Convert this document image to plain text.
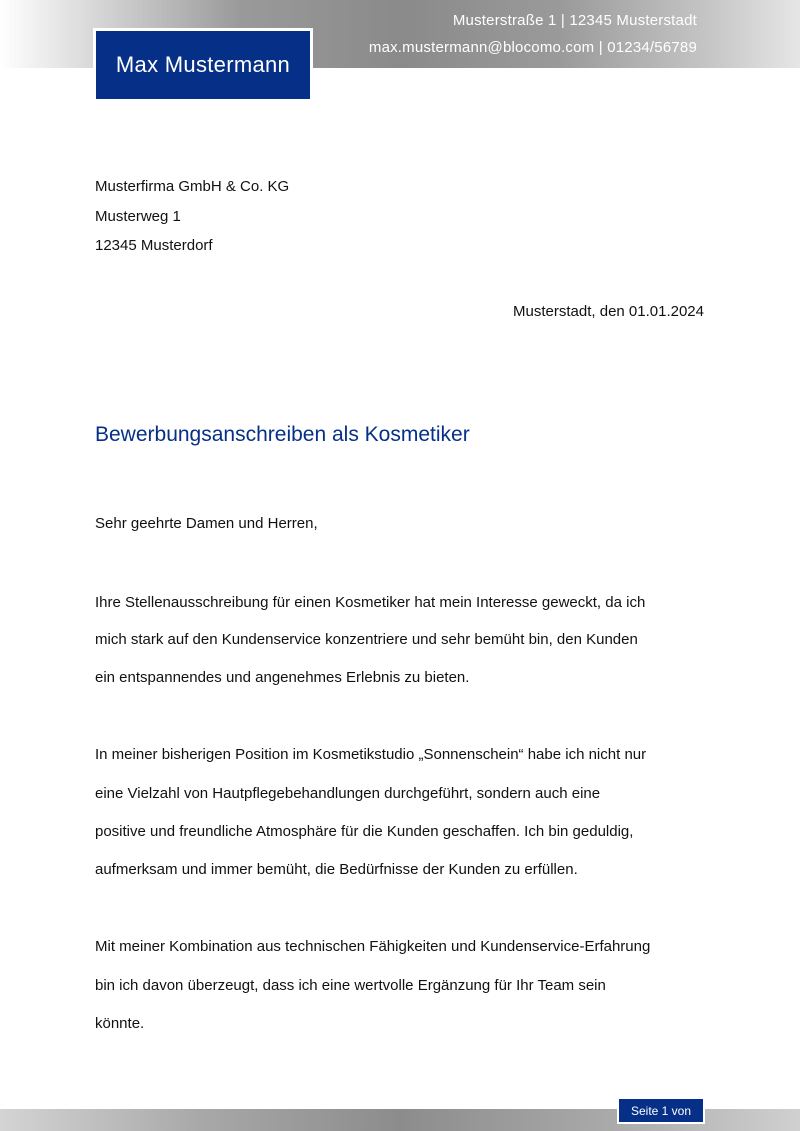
Musterstraße 1 | 12345 Musterstadt
max.mustermann@blocomo.com | 01234/56789
Max Mustermann
Musterfirma GmbH & Co. KG
Musterweg 1
12345 Musterdorf
Musterstadt, den 01.01.2024
Bewerbungsanschreiben als Kosmetiker
Sehr geehrte Damen und Herren,
Ihre Stellenausschreibung für einen Kosmetiker hat mein Interesse geweckt, da ich
mich stark auf den Kundenservice konzentriere und sehr bemüht bin, den Kunden
ein entspannendes und angenehmes Erlebnis zu bieten.
In meiner bisherigen Position im Kosmetikstudio „Sonnenschein“ habe ich nicht nur
eine Vielzahl von Hautpflegebehandlungen durchgeführt, sondern auch eine
positive und freundliche Atmosphäre für die Kunden geschaffen. Ich bin geduldig,
aufmerksam und immer bemüht, die Bedürfnisse der Kunden zu erfüllen.
Mit meiner Kombination aus technischen Fähigkeiten und Kundenservice-Erfahrung
bin ich davon überzeugt, dass ich eine wertvolle Ergänzung für Ihr Team sein
könnte.
Seite 1 von
